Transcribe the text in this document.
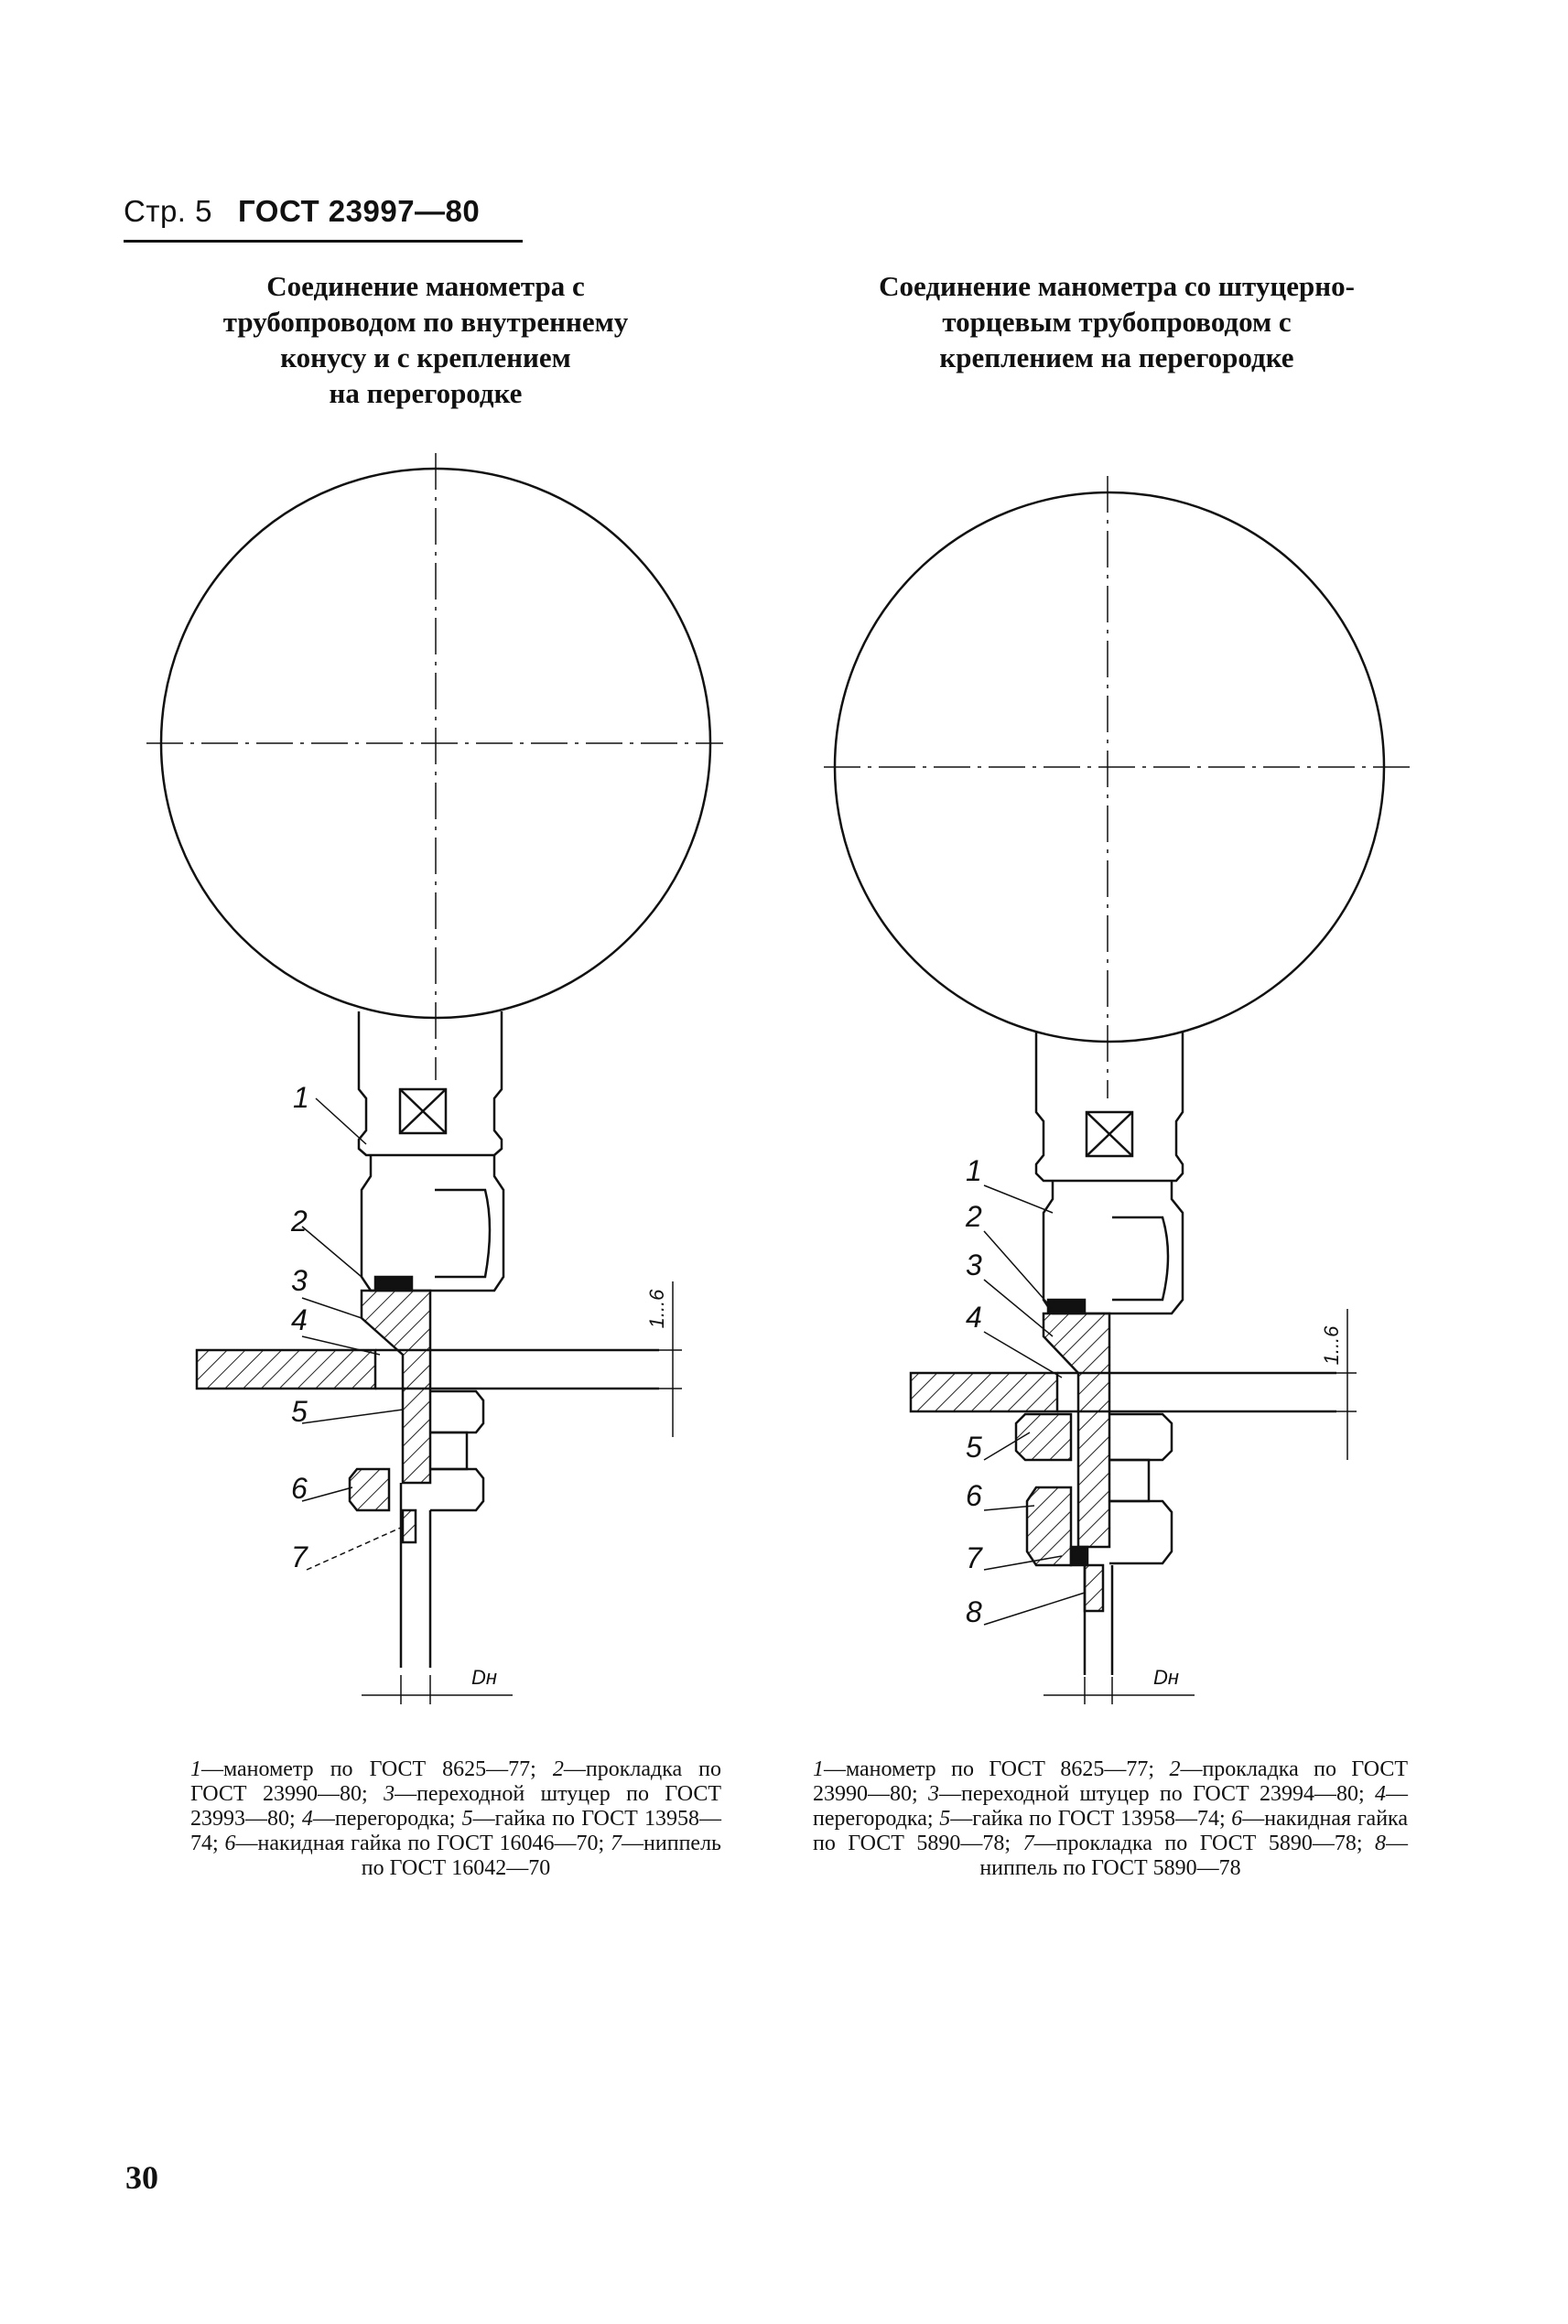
Стр. 5 ГОСТ 23997—80
Соединение манометра с
трубопроводом по внутреннему
конусу и с креплением
на перегородке
Соединение манометра со штуцерно-
торцевым трубопроводом с
креплением на перегородке
1
2
3
4
5
6
7
1...6
Dн
1
2
3
4
5
6
7
8
1...6
Dн
1—манометр по ГОСТ 8625—77; 2—прокладка по ГОСТ 23990—80; 3—переходной штуцер по ГОСТ 23993—80; 4—перегородка; 5—гайка по ГОСТ 13958—74; 6—накидная гайка по ГОСТ 16046—70; 7—ниппель по ГОСТ 16042—70
1—манометр по ГОСТ 8625—77; 2—прокладка по ГОСТ 23990—80; 3—переходной штуцер по ГОСТ 23994—80; 4—перегородка; 5—гайка по ГОСТ 13958—74; 6—накидная гайка по ГОСТ 5890—78; 7—прокладка по ГОСТ 5890—78; 8—ниппель по ГОСТ 5890—78
30
